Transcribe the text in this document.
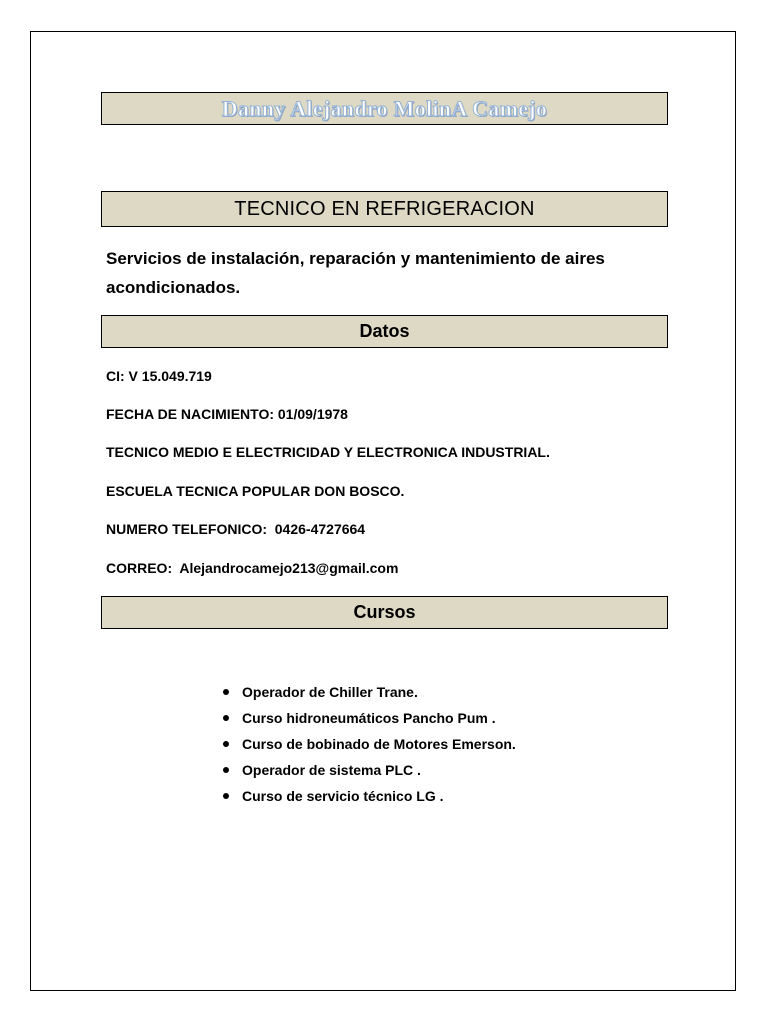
Danny Alejandro MolinA Camejo
TECNICO EN REFRIGERACION

Servicios de instalación, reparación y mantenimiento de aires acondicionados.

Datos

CI: V 15.049.719

FECHA DE NACIMIENTO: 01/09/1978

TECNICO MEDIO E ELECTRICIDAD Y ELECTRONICA INDUSTRIAL.

ESCUELA TECNICA POPULAR DON BOSCO.

NUMERO TELEFONICO:  0426-4727664

CORREO:  Alejandrocamejo213@gmail.com

Cursos
Operador de Chiller Trane.
Curso hidroneumáticos Pancho Pum .
Curso de bobinado de Motores Emerson.
Operador de sistema PLC .
Curso de servicio técnico LG .
